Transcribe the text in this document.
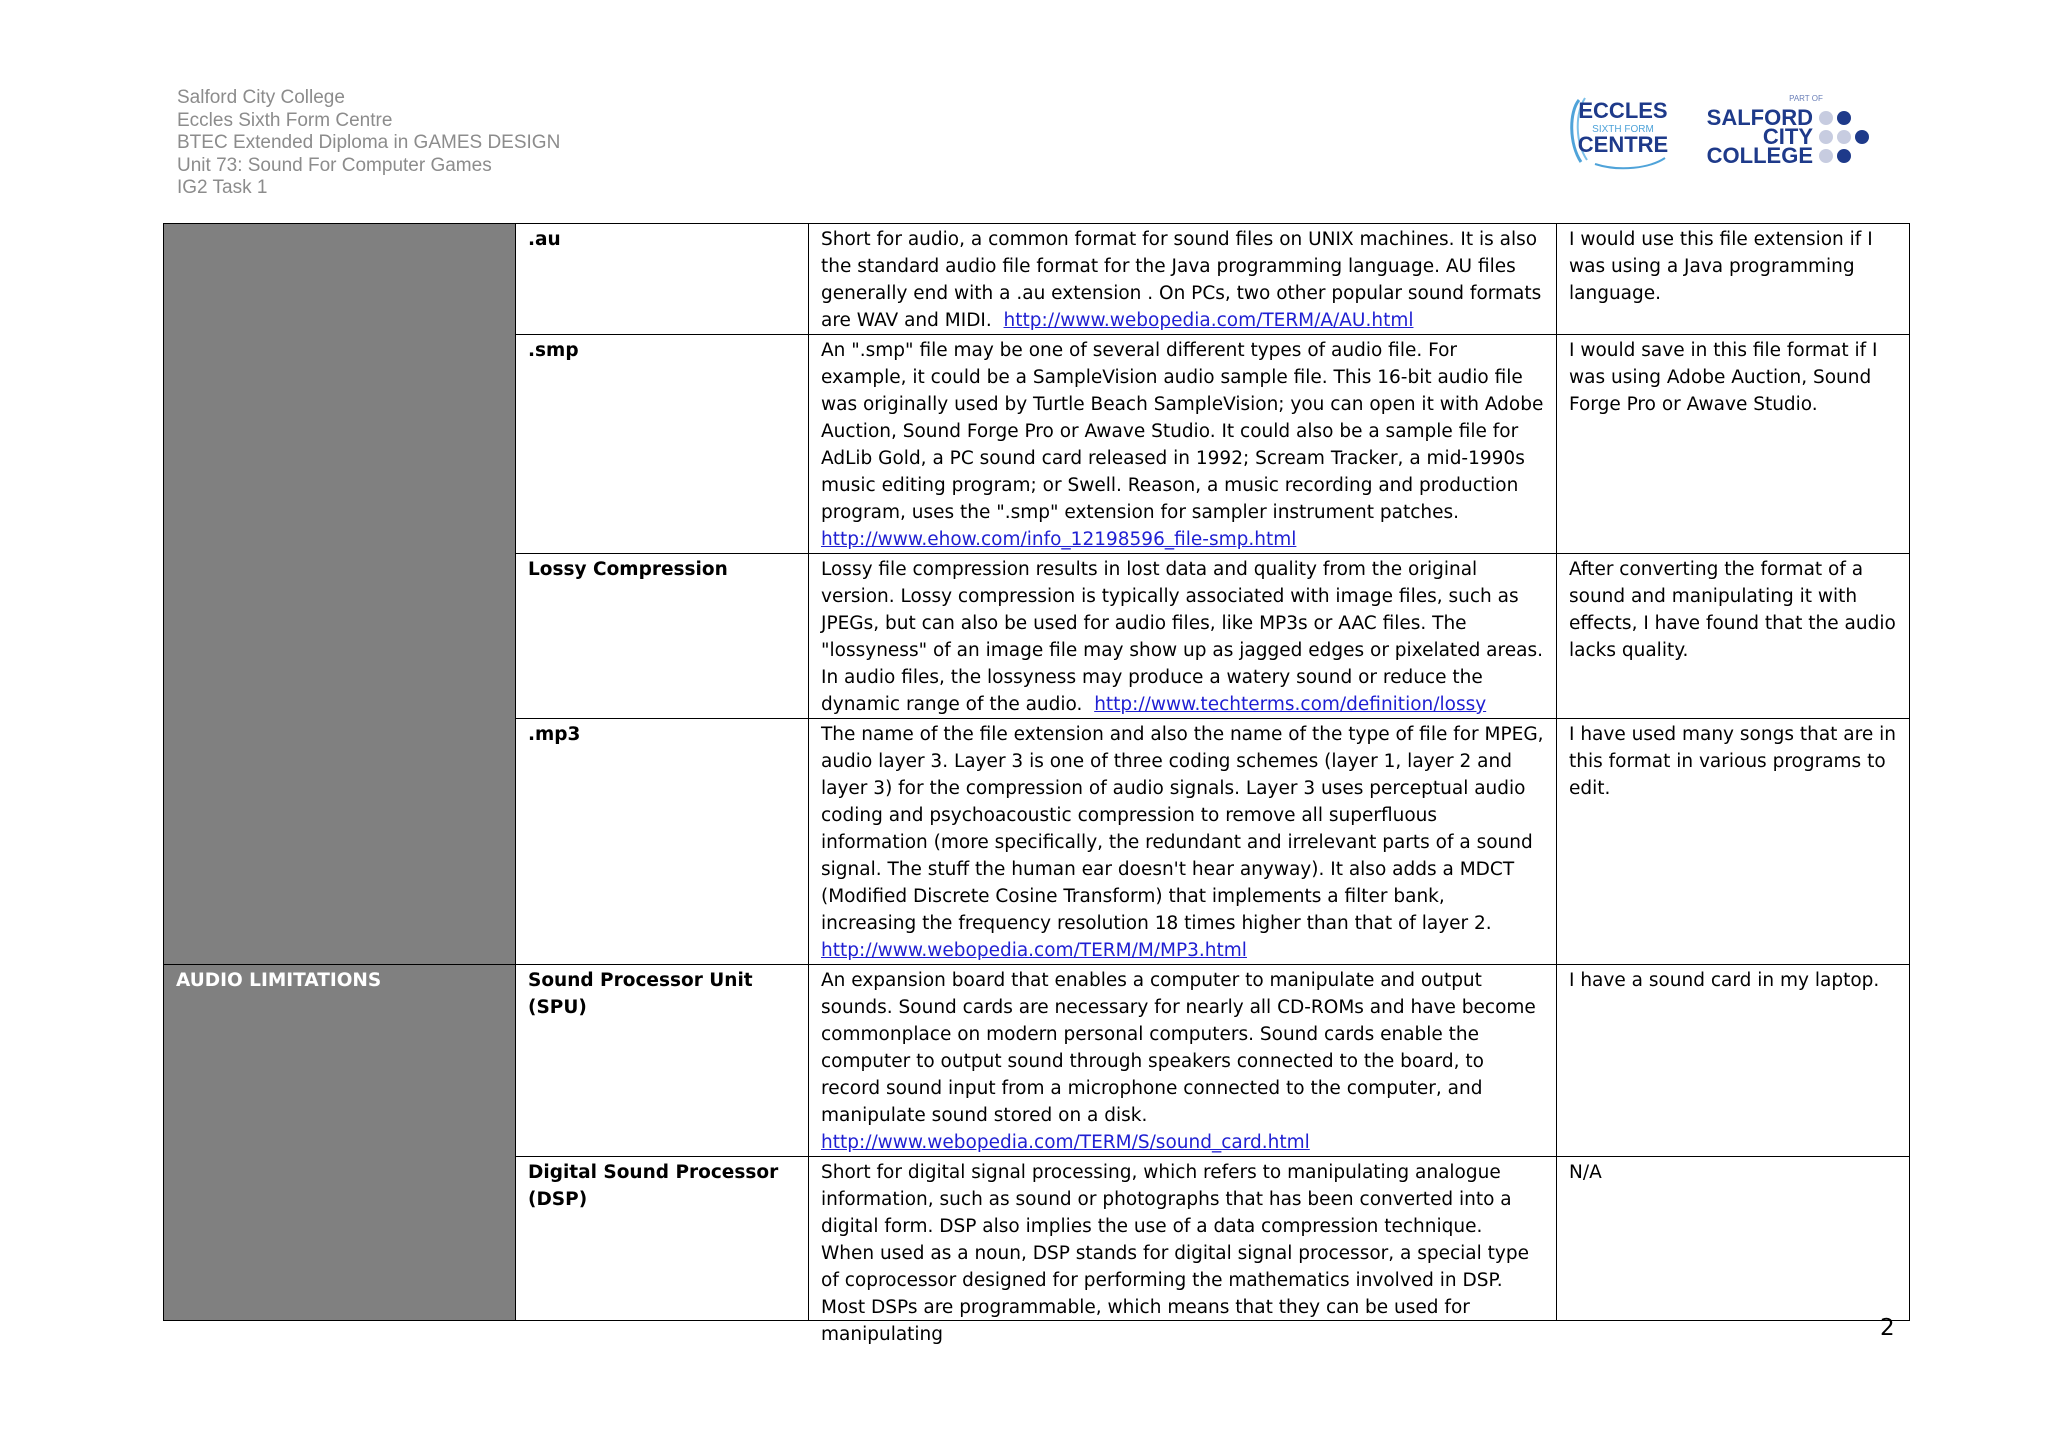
Salford City College
Eccles Sixth Form Centre
BTEC Extended Diploma in GAMES DESIGN
Unit 73: Sound For Computer Games
IG2 Task 1
ECCLES
SIXTH FORM
CENTRE
PART OF
SALFORD
CITY
COLLEGE
	.au	Short for audio, a common format for sound files on UNIX machines. It is also the standard audio file format for the Java programming language. AU files generally end with a .au extension . On PCs, two other popular sound formats are WAV and MIDI. http://www.webopedia.com/TERM/A/AU.html	I would use this file extension if I was using a Java programming language.
	.smp	An ".smp" file may be one of several different types of audio file. For example, it could be a SampleVision audio sample file. This 16-bit audio file was originally used by Turtle Beach SampleVision; you can open it with Adobe Auction, Sound Forge Pro or Awave Studio. It could also be a sample file for AdLib Gold, a PC sound card released in 1992; Scream Tracker, a mid-1990s music editing program; or Swell. Reason, a music recording and production program, uses the ".smp" extension for sampler instrument patches.  http://www.ehow.com/info_12198596_file-smp.html	I would save in this file format if I was using Adobe Auction, Sound Forge Pro or Awave Studio.
	Lossy Compression	Lossy file compression results in lost data and quality from the original version. Lossy compression is typically associated with image files, such as JPEGs, but can also be used for audio files, like MP3s or AAC files. The "lossyness" of an image file may show up as jagged edges or pixelated areas. In audio files, the lossyness may produce a watery sound or reduce the dynamic range of the audio. http://www.techterms.com/definition/lossy	After converting the format of a sound and manipulating it with effects, I have found that the audio lacks quality.
	.mp3	The name of the file extension and also the name of the type of file for MPEG, audio layer 3. Layer 3 is one of three coding schemes (layer 1, layer 2 and layer 3) for the compression of audio signals. Layer 3 uses perceptual audio coding and psychoacoustic compression to remove all superfluous information (more specifically, the redundant and irrelevant parts of a sound signal. The stuff the human ear doesn't hear anyway). It also adds a MDCT (Modified Discrete Cosine Transform) that implements a filter bank, increasing the frequency resolution 18 times higher than that of layer 2. http://www.webopedia.com/TERM/M/MP3.html	I have used many songs that are in this format in various programs to edit.
AUDIO LIMITATIONS	Sound Processor Unit (SPU)	An expansion board that enables a computer to manipulate and output sounds. Sound cards are necessary for nearly all CD-ROMs and have become commonplace on modern personal computers. Sound cards enable the computer to output sound through speakers connected to the board, to record sound input from a microphone connected to the computer, and manipulate sound stored on a disk.  http://www.webopedia.com/TERM/S/sound_card.html	I have a sound card in my laptop.
	Digital Sound Processor (DSP)	Short for digital signal processing, which refers to manipulating analogue information, such as sound or photographs that has been converted into a digital form. DSP also implies the use of a data compression technique.
When used as a noun, DSP stands for digital signal processor, a special type of coprocessor designed for performing the mathematics involved in DSP. Most DSPs are programmable, which means that they can be used for manipulating	N/A
2
